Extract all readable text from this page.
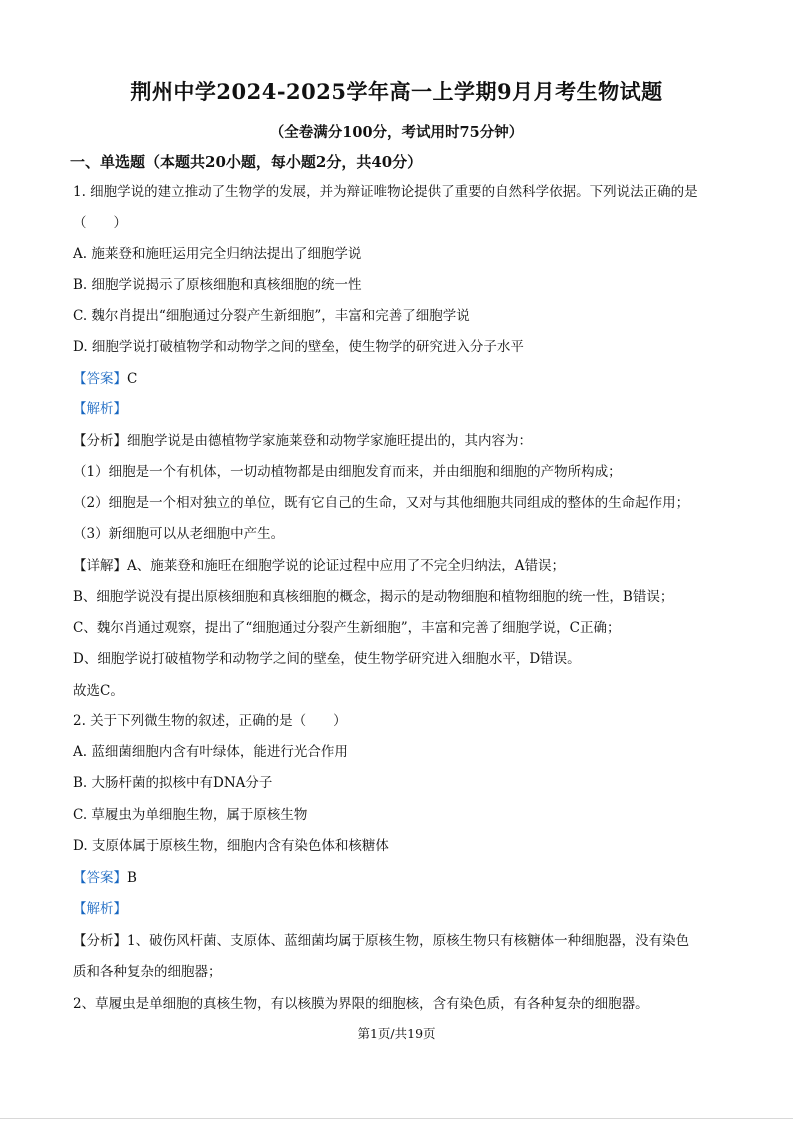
荆州中学2024-2025学年高一上学期9月月考生物试题
（全卷满分100分，考试用时75分钟）
一、单选题（本题共20小题，每小题2分，共40分）
1. 细胞学说的建立推动了生物学的发展，并为辩证唯物论提供了重要的自然科学依据。下列说法正确的是
（　　）
A. 施莱登和施旺运用完全归纳法提出了细胞学说
B. 细胞学说揭示了原核细胞和真核细胞的统一性
C. 魏尔肖提出“细胞通过分裂产生新细胞”，丰富和完善了细胞学说
D. 细胞学说打破植物学和动物学之间的壁垒，使生物学的研究进入分子水平
【答案】C
【解析】
【分析】细胞学说是由德植物学家施莱登和动物学家施旺提出的，其内容为：
（1）细胞是一个有机体，一切动植物都是由细胞发育而来，并由细胞和细胞的产物所构成；
（2）细胞是一个相对独立的单位，既有它自己的生命，又对与其他细胞共同组成的整体的生命起作用；
（3）新细胞可以从老细胞中产生。
【详解】A、施莱登和施旺在细胞学说的论证过程中应用了不完全归纳法，A错误；
B、细胞学说没有提出原核细胞和真核细胞的概念，揭示的是动物细胞和植物细胞的统一性，B错误；
C、魏尔肖通过观察，提出了“细胞通过分裂产生新细胞”，丰富和完善了细胞学说，C正确；
D、细胞学说打破植物学和动物学之间的壁垒，使生物学研究进入细胞水平，D错误。
故选C。
2. 关于下列微生物的叙述，正确的是（　　）
A. 蓝细菌细胞内含有叶绿体，能进行光合作用
B. 大肠杆菌的拟核中有DNA分子
C. 草履虫为单细胞生物，属于原核生物
D. 支原体属于原核生物，细胞内含有染色体和核糖体
【答案】B
【解析】
【分析】1、破伤风杆菌、支原体、蓝细菌均属于原核生物，原核生物只有核糖体一种细胞器，没有染色
质和各种复杂的细胞器；
2、草履虫是单细胞的真核生物，有以核膜为界限的细胞核，含有染色质，有各种复杂的细胞器。
第1页/共19页
